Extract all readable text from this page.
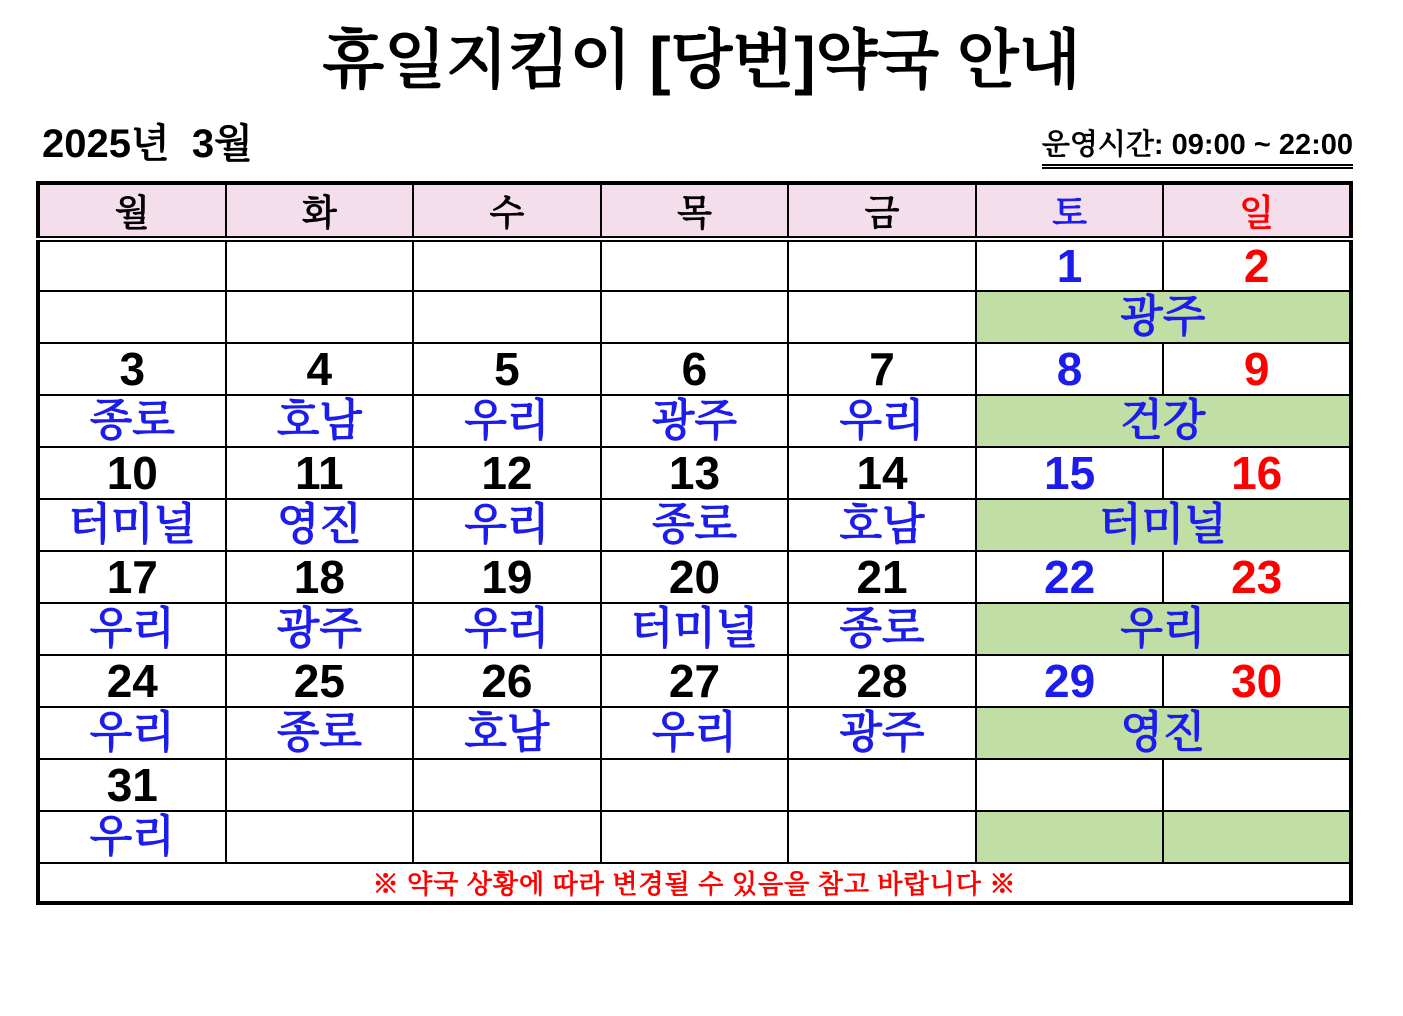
휴일지킴이 [당번]약국 안내
2025년  3월	운영시간: 09:00 ~ 22:00
월	화	수	목	금	토	일
					1	2
					광주	
3	4	5	6	7	8	9
종로	호남	우리	광주	우리	건강	
10	11	12	13	14	15	16
터미널	영진	우리	종로	호남	터미널	
17	18	19	20	21	22	23
우리	광주	우리	터미널	종로	우리	
24	25	26	27	28	29	30
우리	종로	호남	우리	광주	영진	
31						
우리						
※ 약국 상황에 따라 변경될 수 있음을 참고 바랍니다 ※						
